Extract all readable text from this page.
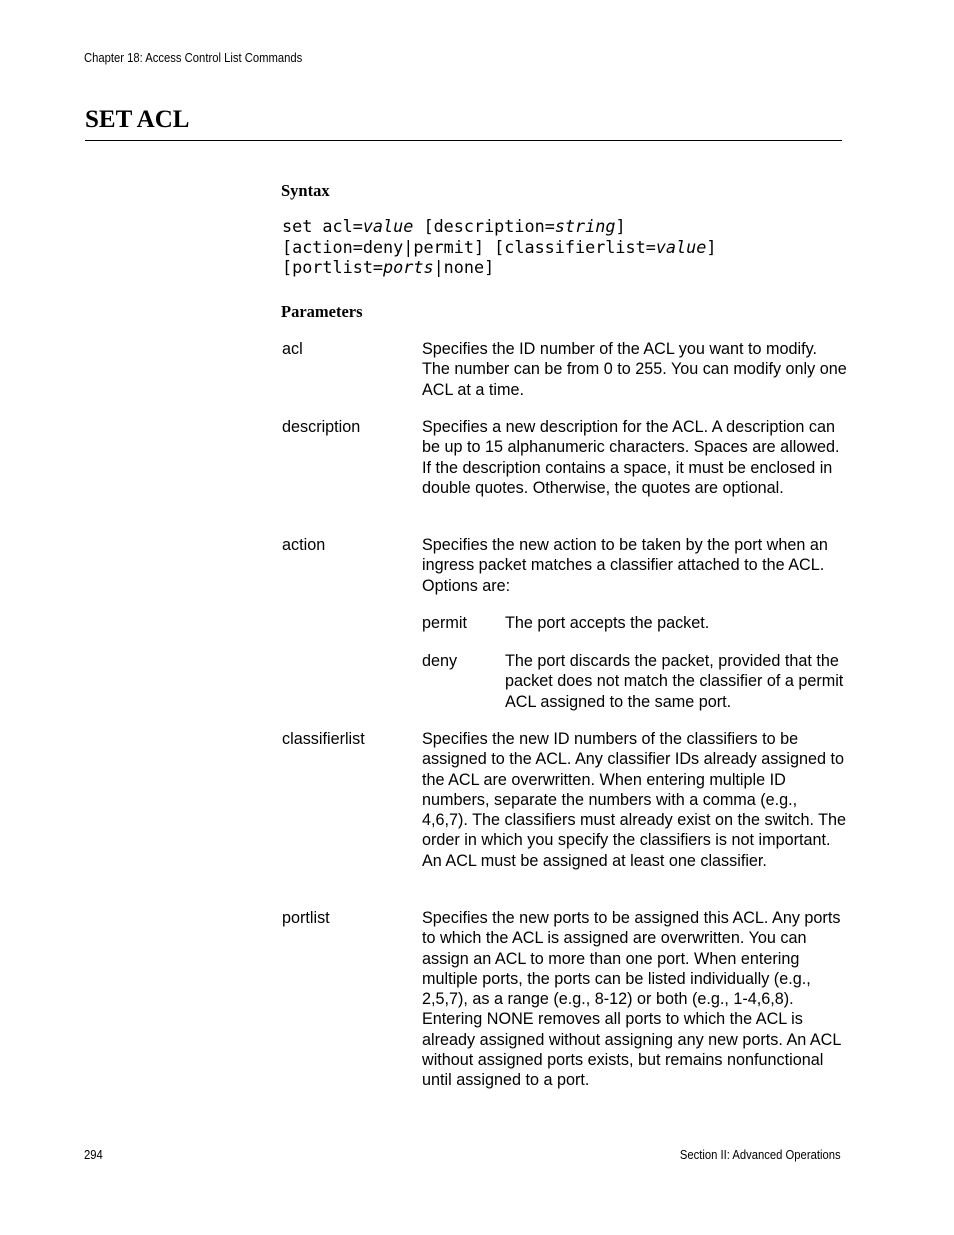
Chapter 18: Access Control List Commands
SET ACL
Syntax
set acl=value [description=string]
[action=deny|permit] [classifierlist=value]
[portlist=ports|none]
Parameters
acl	Specifies the ID number of the ACL you want to modify. The number can be from 0 to 255. You can modify only one ACL at a time.
description	Specifies a new description for the ACL. A description can be up to 15 alphanumeric characters. Spaces are allowed. If the description contains a space, it must be enclosed in double quotes. Otherwise, the quotes are optional.
action	Specifies the new action to be taken by the port when an ingress packet matches a classifier attached to the ACL. Options are:
permit The port accepts the packet.
deny	The port discards the packet, provided that the packet does not match the classifier of a permit ACL assigned to the same port.
classifierlist	Specifies the new ID numbers of the classifiers to be assigned to the ACL. Any classifier IDs already assigned to the ACL are overwritten. When entering multiple ID numbers, separate the numbers with a comma (e.g., 4,6,7). The classifiers must already exist on the switch. The order in which you specify the classifiers is not important. An ACL must be assigned at least one classifier.
portlist	Specifies the new ports to be assigned this ACL. Any ports to which the ACL is assigned are overwritten. You can assign an ACL to more than one port. When entering multiple ports, the ports can be listed individually (e.g., 2,5,7), as a range (e.g., 8-12) or both (e.g., 1-4,6,8). Entering NONE removes all ports to which the ACL is already assigned without assigning any new ports. An ACL without assigned ports exists, but remains nonfunctional until assigned to a port.
294	Section II: Advanced Operations
